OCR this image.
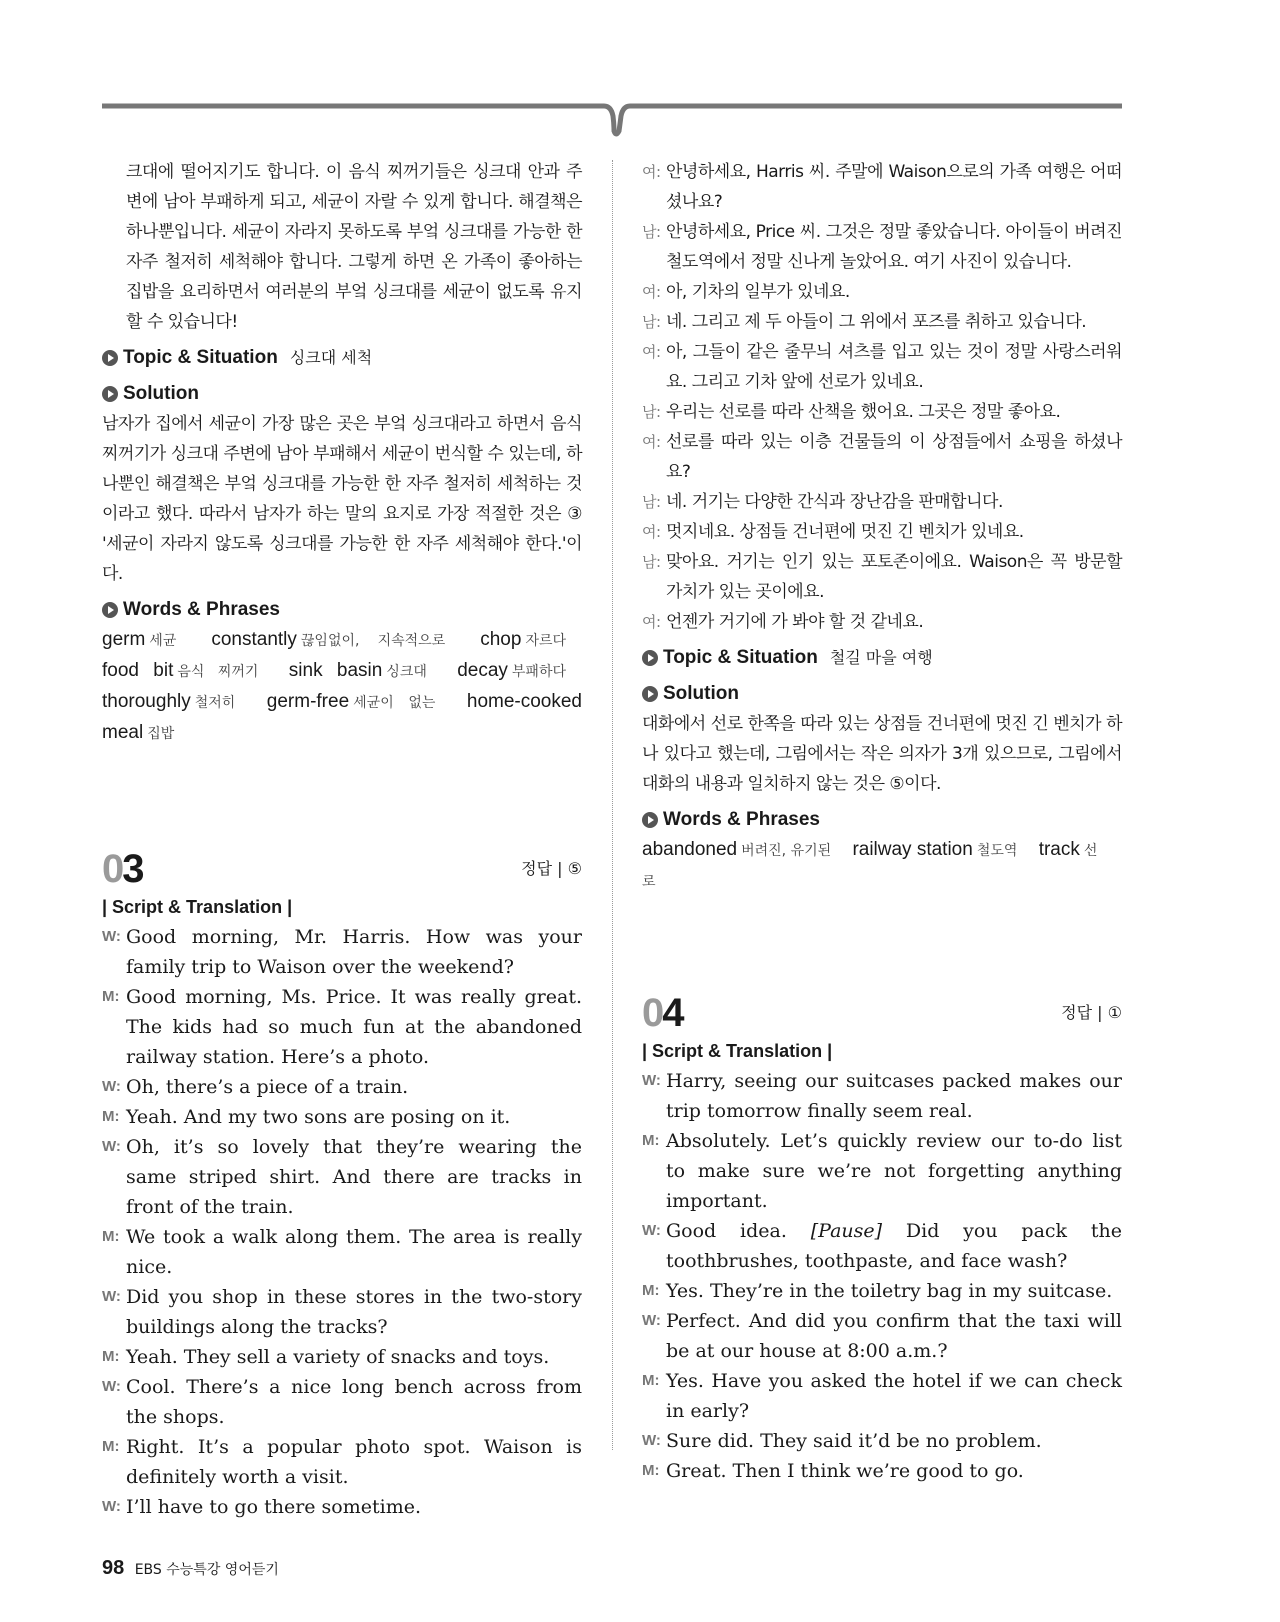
크대에 떨어지기도 합니다. 이 음식 찌꺼기들은 싱크대 안과 주변에 남아 부패하게 되고, 세균이 자랄 수 있게 합니다. 해결책은 하나뿐입니다. 세균이 자라지 못하도록 부엌 싱크대를 가능한 한 자주 철저히 세척해야 합니다. 그렇게 하면 온 가족이 좋아하는 집밥을 요리하면서 여러분의 부엌 싱크대를 세균이 없도록 유지할 수 있습니다!
Topic & Situation 싱크대 세척
Solution
남자가 집에서 세균이 가장 많은 곳은 부엌 싱크대라고 하면서 음식 찌꺼기가 싱크대 주변에 남아 부패해서 세균이 번식할 수 있는데, 하나뿐인 해결책은 부엌 싱크대를 가능한 한 자주 철저히 세척하는 것이라고 했다. 따라서 남자가 하는 말의 요지로 가장 적절한 것은 ③ '세균이 자라지 않도록 싱크대를 가능한 한 자주 세척해야 한다.'이다.
Words & Phrases
germ 세균 constantly 끊임없이, 지속적으로 chop 자르다 food bit 음식 찌꺼기 sink basin 싱크대 decay 부패하다 thoroughly 철저히 germ-free 세균이 없는 home-cooked meal 집밥
03	정답 | ⑤
| Script & Translation |
W: Good morning, Mr. Harris. How was your family trip to Waison over the weekend?
M: Good morning, Ms. Price. It was really great. The kids had so much fun at the abandoned railway station. Here’s a photo.
W: Oh, there’s a piece of a train.
M: Yeah. And my two sons are posing on it.
W: Oh, it’s so lovely that they’re wearing the same striped shirt. And there are tracks in front of the train.
M: We took a walk along them. The area is really nice.
W: Did you shop in these stores in the two-story buildings along the tracks?
M: Yeah. They sell a variety of snacks and toys.
W: Cool. There’s a nice long bench across from the shops.
M: Right. It’s a popular photo spot. Waison is definitely worth a visit.
W: I’ll have to go there sometime.
여: 안녕하세요, Harris 씨. 주말에 Waison으로의 가족 여행은 어떠셨나요?
남: 안녕하세요, Price 씨. 그것은 정말 좋았습니다. 아이들이 버려진 철도역에서 정말 신나게 놀았어요. 여기 사진이 있습니다.
여: 아, 기차의 일부가 있네요.
남: 네. 그리고 제 두 아들이 그 위에서 포즈를 취하고 있습니다.
여: 아, 그들이 같은 줄무늬 셔츠를 입고 있는 것이 정말 사랑스러워요. 그리고 기차 앞에 선로가 있네요.
남: 우리는 선로를 따라 산책을 했어요. 그곳은 정말 좋아요.
여: 선로를 따라 있는 이층 건물들의 이 상점들에서 쇼핑을 하셨나요?
남: 네. 거기는 다양한 간식과 장난감을 판매합니다.
여: 멋지네요. 상점들 건너편에 멋진 긴 벤치가 있네요.
남: 맞아요. 거기는 인기 있는 포토존이에요. Waison은 꼭 방문할 가치가 있는 곳이에요.
여: 언젠가 거기에 가 봐야 할 것 같네요.
Topic & Situation 철길 마을 여행
Solution
대화에서 선로 한쪽을 따라 있는 상점들 건너편에 멋진 긴 벤치가 하나 있다고 했는데, 그림에서는 작은 의자가 3개 있으므로, 그림에서 대화의 내용과 일치하지 않는 것은 ⑤이다.
Words & Phrases
abandoned 버려진, 유기된 railway station 철도역 track 선로
04	정답 | ①
| Script & Translation |
W: Harry, seeing our suitcases packed makes our trip tomorrow finally seem real.
M: Absolutely. Let’s quickly review our to-do list to make sure we’re not forgetting anything important.
W: Good idea. [Pause] Did you pack the toothbrushes, toothpaste, and face wash?
M: Yes. They’re in the toiletry bag in my suitcase.
W: Perfect. And did you confirm that the taxi will be at our house at 8:00 a.m.?
M: Yes. Have you asked the hotel if we can check in early?
W: Sure did. They said it’d be no problem.
M: Great. Then I think we’re good to go.
98 EBS 수능특강 영어듣기
